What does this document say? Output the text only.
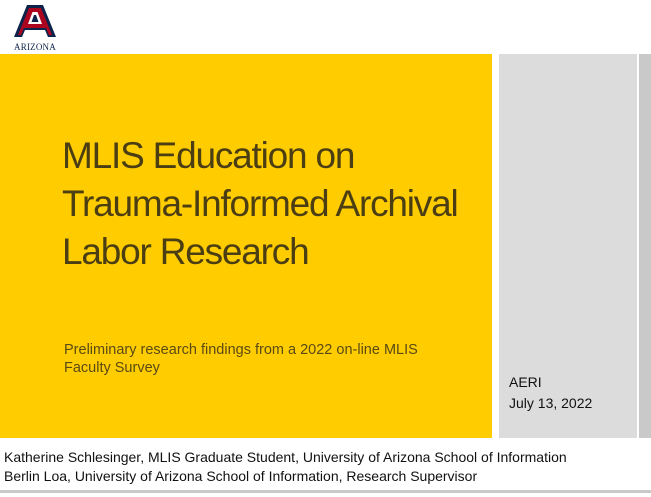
ARIZONA
MLIS Education on Trauma-Informed Archival Labor Research

Preliminary research findings from a 2022 on-line MLIS Faculty Survey

AERI
July 13, 2022
Katherine Schlesinger, MLIS Graduate Student, University of Arizona School of Information
Berlin Loa, University of Arizona School of Information, Research Supervisor
